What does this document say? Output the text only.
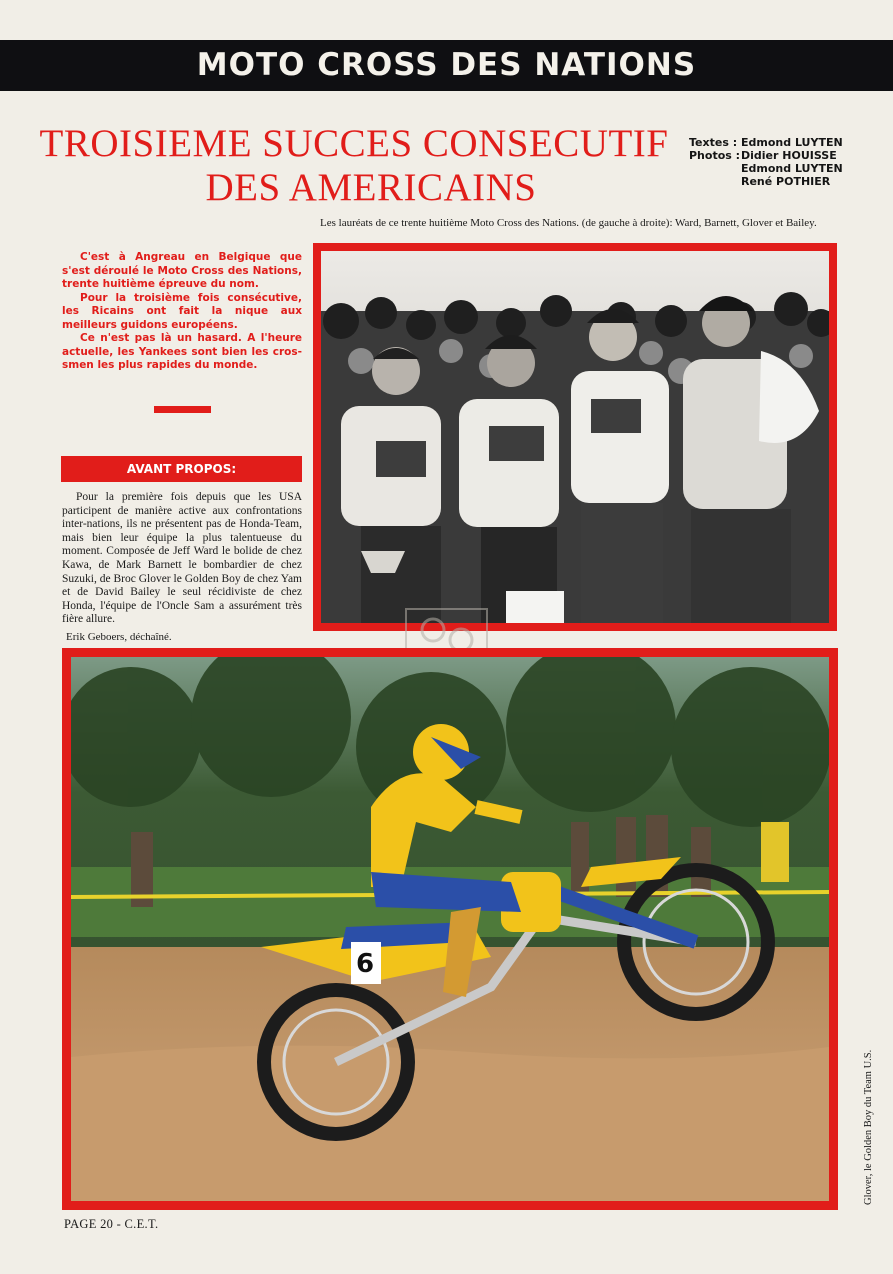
MOTO CROSS DES NATIONS
TROISIEME SUCCES CONSECUTIF
DES AMERICAINS
Textes : Edmond LUYTEN
Photos : Didier HOUISSE
Edmond LUYTEN
René POTHIER
Les lauréats de ce trente huitième Moto Cross des Nations. (de gauche à droite): Ward, Barnett, Glover et Bailey.

C'est à Angreau en Belgique que s'est déroulé le Moto Cross des Nations, trente huitième épreuve du nom.

Pour la troisième fois consécutive, les Ricains ont fait la nique aux meilleurs guidons européens.

Ce n'est pas là un hasard. A l'heure actuelle, les Yankees sont bien les crossmen les plus rapides du monde.

AVANT PROPOS:

Pour la première fois depuis que les USA participent de manière active aux confrontations inter-nations, ils ne présentent pas de Honda-Team, mais bien leur équipe la plus talentueuse du moment. Composée de Jeff Ward le bolide de chez Kawa, de Mark Barnett le bombardier de chez Suzuki, de Broc Glover le Golden Boy de chez Yam et de David Bailey le seul récidiviste de chez Honda, l'équipe de l'Oncle Sam a assurément très fière allure.

Erik Geboers, déchaîné.
6
Glover, le Golden Boy du Team U.S.
PAGE 20 - C.E.T.
